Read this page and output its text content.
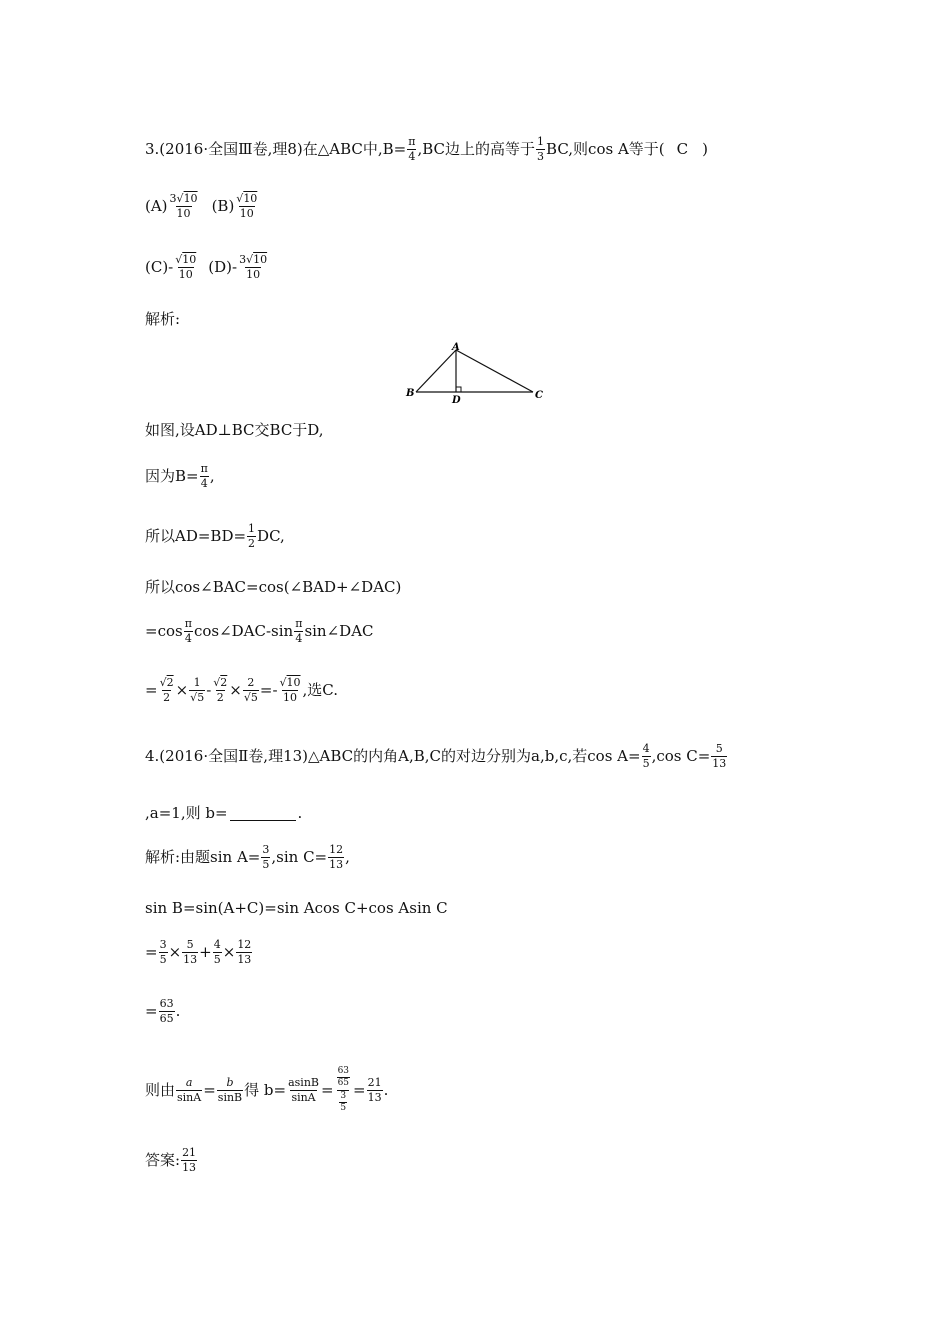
3.(2016·全国Ⅲ卷,理8)在△ABC中$,B= \frac{\pi}{4} ,BC$边上的高等于 $\frac{1}{3}$ BC,则cos A等于( C )
$(A) \frac{3√10}{10} (B) \frac{√10}{10}$
$(C)- \frac{√10}{10} (D)- \frac{3√10}{10}$
解析:
A
B	C
D
如图,设AD⊥BC交BC于D,
因为$B= \frac{\pi}{4}$ ,
所以$AD=BD= \frac{1}{2}$ DC,
所以cos∠BAC=cos(∠BAD+∠DAC)
$=\cos \frac{\pi}{4}$ cos∠DAC-sin $\frac{\pi}{4}$ sin∠DAC
= $\frac{√2}{2} \times \frac{1}{√5} - \frac{√2}{2} \times \frac{2}{√5} =- \frac{√10}{10}$ ,选C.
4.(2016·全国Ⅱ卷,理13)△ABC的内角A,B,C的对边分别为a,b,c,若$\cos A= \frac{4}{5} ,\cos$ $C= \frac{5}{13}$
,a=1,则 b=	.
解析:由题$\sin A= \frac{3}{5} ,\sin$ $C= \frac{12}{13}$ ,
sin B=sin(A+C)=sin Acos C+cos Asin C
= $\frac{3}{5} \times \frac{5}{13} + \frac{4}{5} \times \frac{12}{13}$
= $\frac{63}{65}$ .
则由 $\frac{a}{\sin A} = \frac{b}{\sin B}$ 得 $b= \frac{asinB}{\sin A} = \frac{\frac{63}{65}}{\frac{3}{5}} = \frac{21}{13}$ .
答案: $\frac{21}{13}$
